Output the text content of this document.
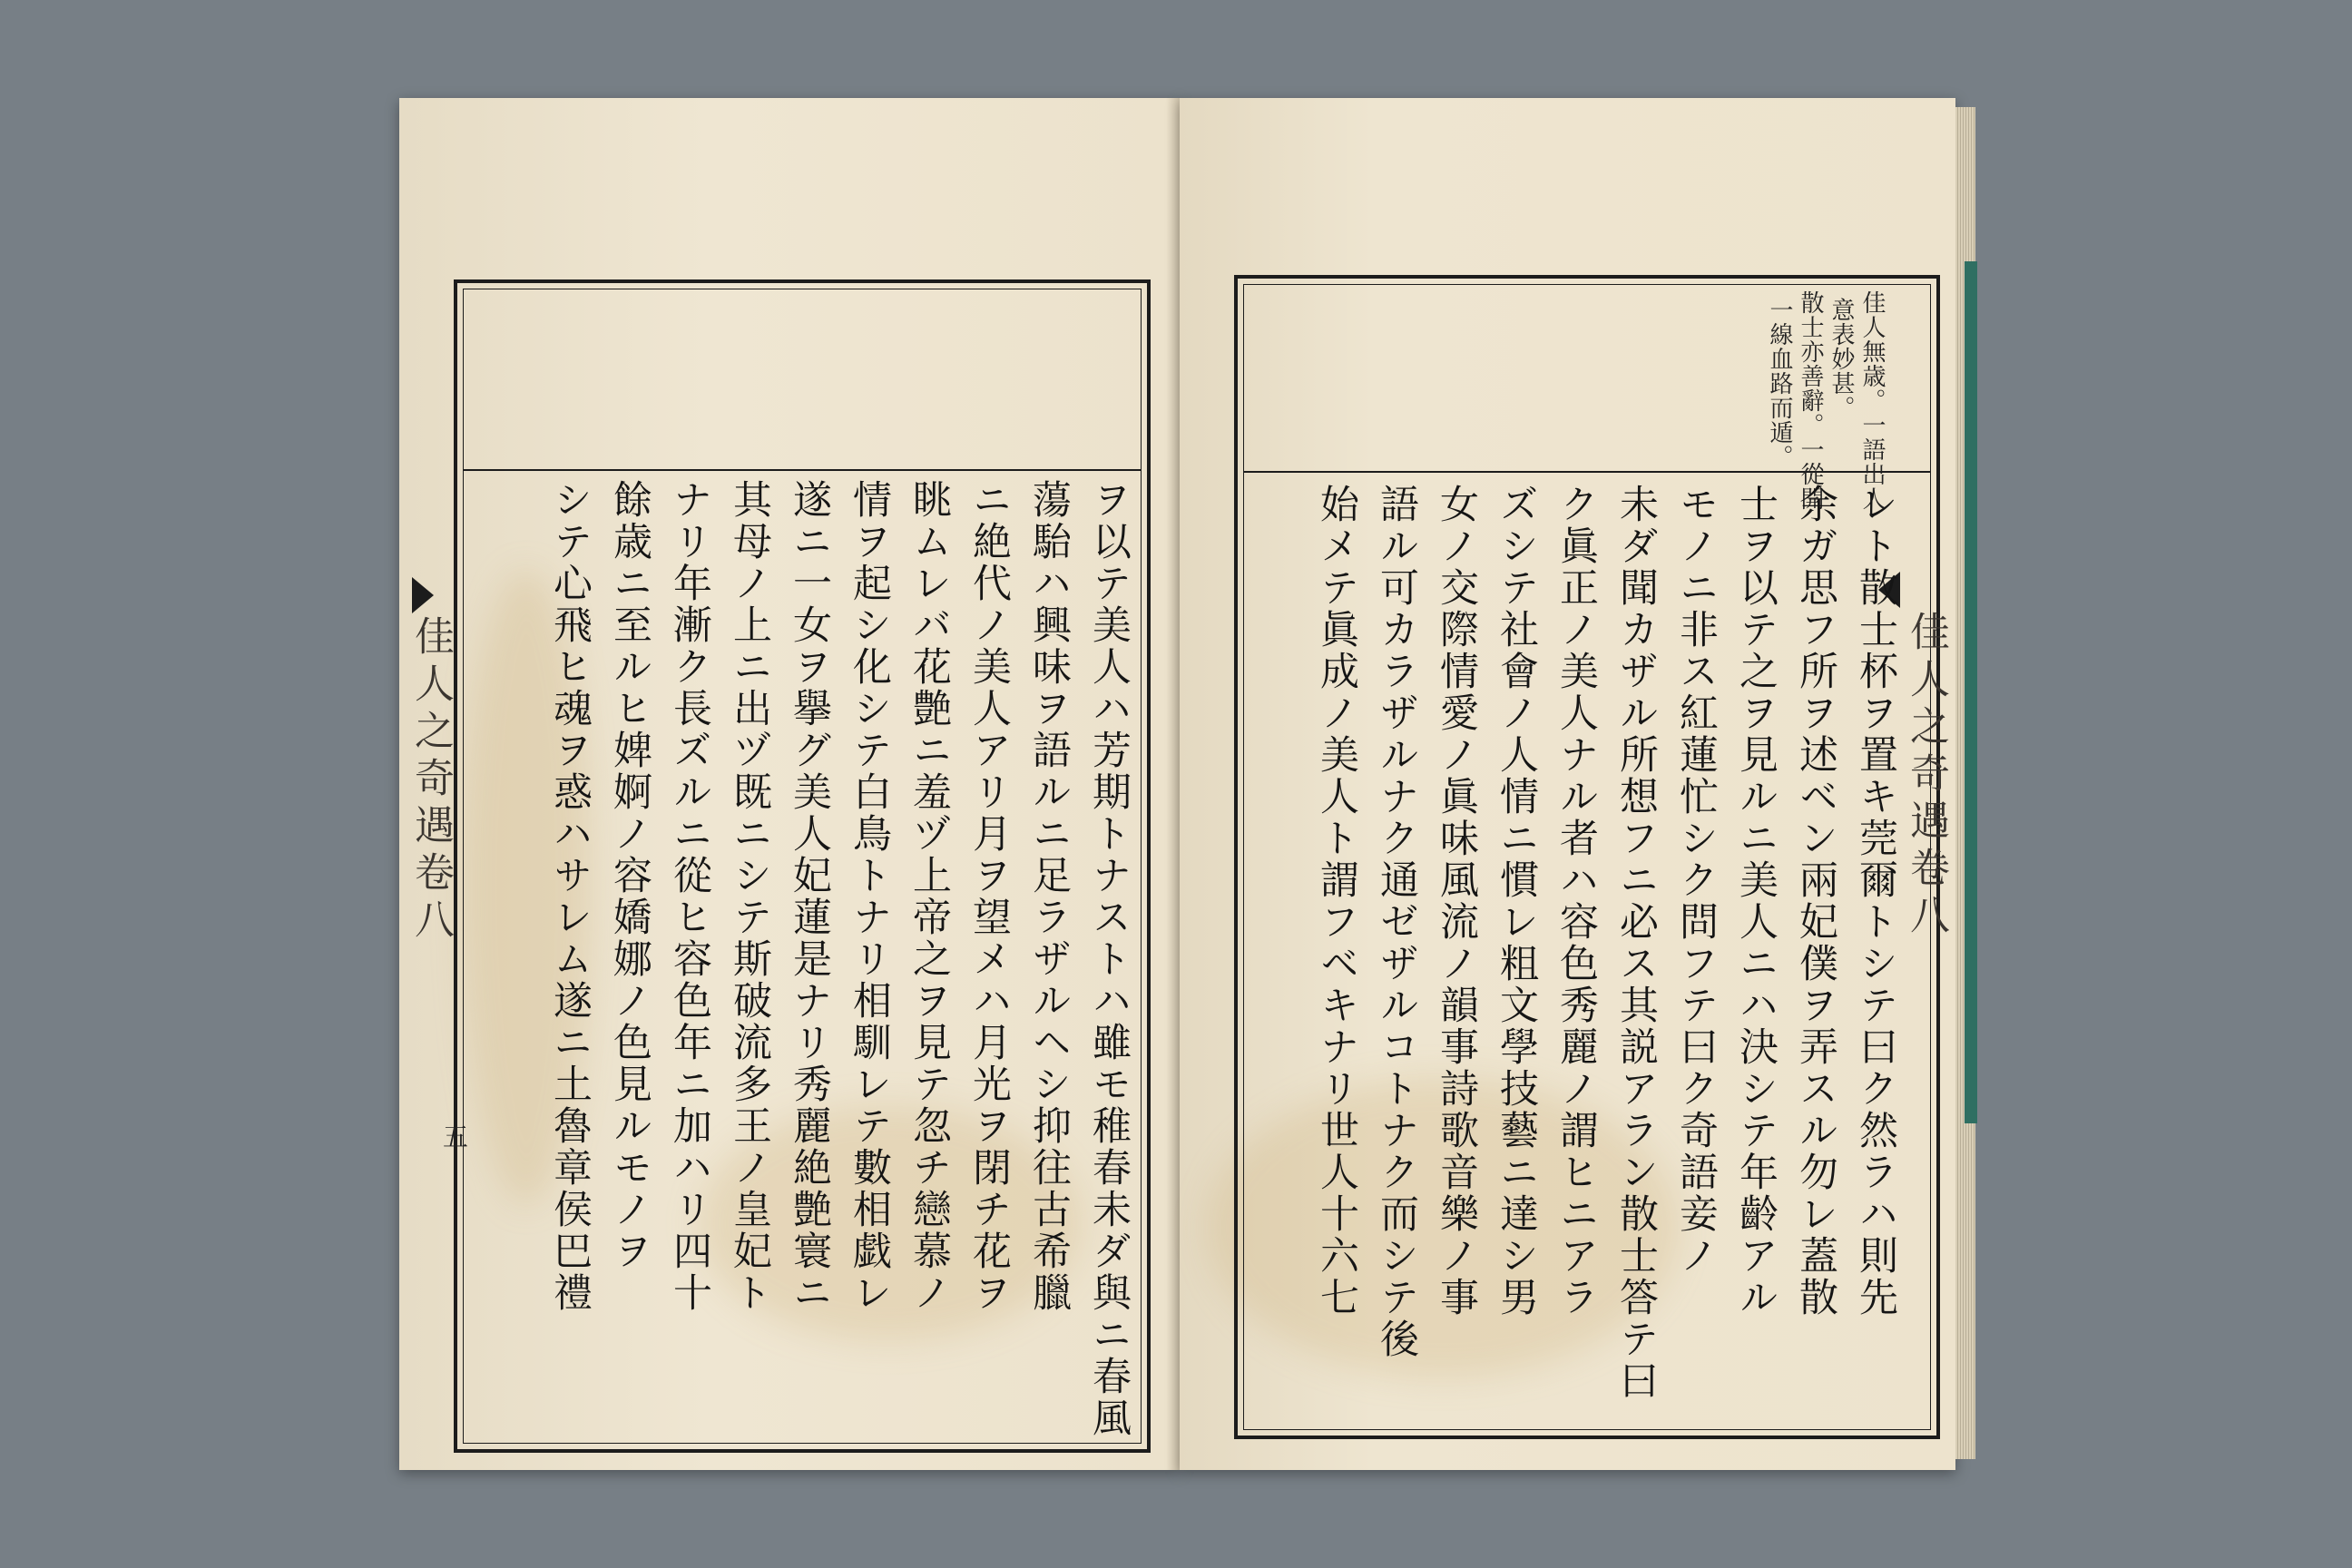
佳人之奇遇卷八
五	ヲ以テ美人ハ芳期トナストハ雖モ稚春未ダ與ニ春風
蕩駘ハ興味ヲ語ルニ足ラザルヘシ抑往古希臘
ニ絶代ノ美人アリ月ヲ望メハ月光ヲ閉チ花ヲ
眺ムレバ花艶ニ羞ヅ上帝之ヲ見テ忽チ戀慕ノ
情ヲ起シ化シテ白鳥トナリ相馴レテ數相戯レ
遂ニ一女ヲ擧グ美人妃蓮是ナリ秀麗絶艶寰ニ
其母ノ上ニ出ヅ既ニシテ斯破流多王ノ皇妃ト
ナリ年漸ク長ズルニ從ヒ容色年ニ加ハリ四十
餘歳ニ至ルヒ婢婀ノ容嬌娜ノ色見ルモノヲ
シテ心飛ヒ魂ヲ惑ハサレム遂ニ土魯章侯巴禮	佳人之奇遇卷八
佳人無歳。一語出人
意表妙甚。
散士亦善辭。一從開
一線血路而遁。
レト散士杯ヲ置キ莞爾トシテ曰ク然ラハ則先
余ガ思フ所ヲ述ベン兩妃僕ヲ弄スル勿レ蓋散
士ヲ以テ之ヲ見ルニ美人ニハ決シテ年齡アル
モノニ非ス紅蓮忙シク問フテ曰ク奇語妾ノ
未ダ聞カザル所想フニ必ス其説アラン散士答テ曰
ク眞正ノ美人ナル者ハ容色秀麗ノ謂ヒニアラ
ズシテ社會ノ人情ニ慣レ粗文學技藝ニ達シ男
女ノ交際情愛ノ眞味風流ノ韻事詩歌音樂ノ事
語ル可カラザルナク通ゼザルコトナク而シテ後
始メテ眞成ノ美人ト謂フベキナリ世人十六七
